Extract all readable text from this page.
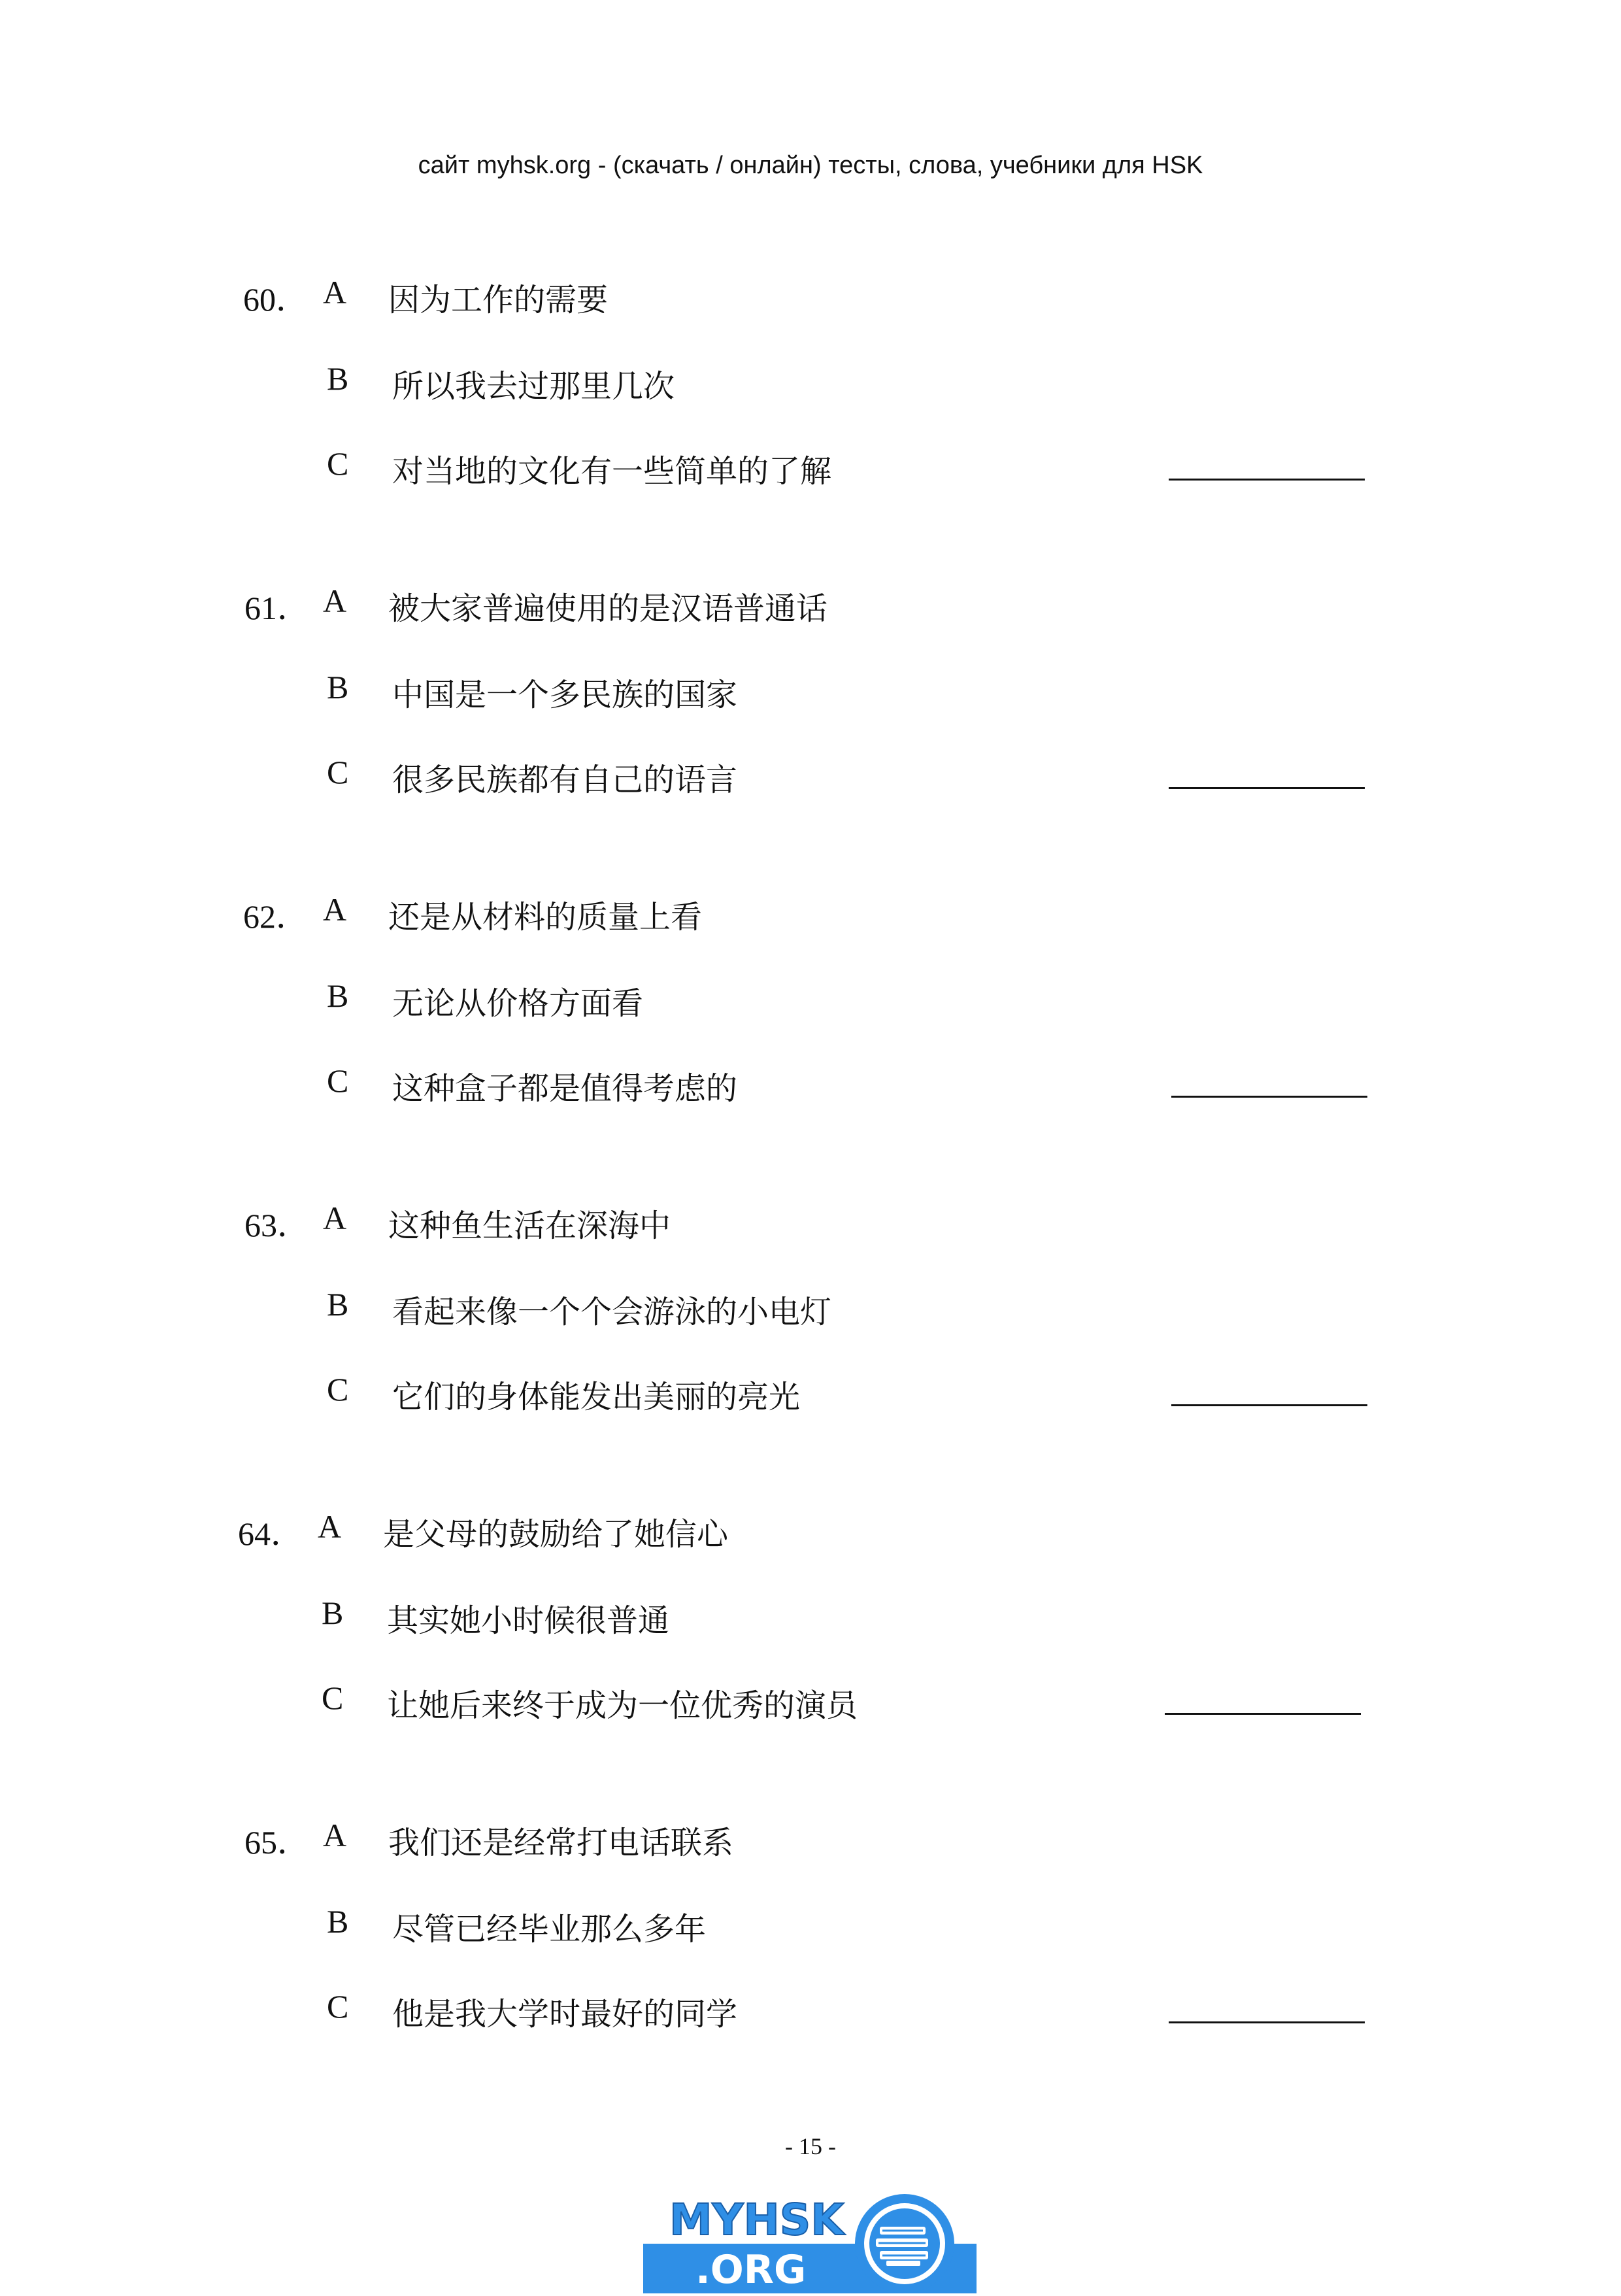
сайт myhsk.org - (скачать / онлайн) тесты, слова, учебники для HSK
60． A 因为工作的需要
B 所以我去过那里几次
C 对当地的文化有一些简单的了解
61． A 被大家普遍使用的是汉语普通话
B 中国是一个多民族的国家
C 很多民族都有自己的语言
62． A 还是从材料的质量上看
B 无论从价格方面看
C 这种盒子都是值得考虑的
63． A 这种鱼生活在深海中
B 看起来像一个个会游泳的小电灯
C 它们的身体能发出美丽的亮光
64． A 是父母的鼓励给了她信心
B 其实她小时候很普通
C 让她后来终于成为一位优秀的演员
65． A 我们还是经常打电话联系
B 尽管已经毕业那么多年
C 他是我大学时最好的同学
- 15 -
MYHSK
.ORG
